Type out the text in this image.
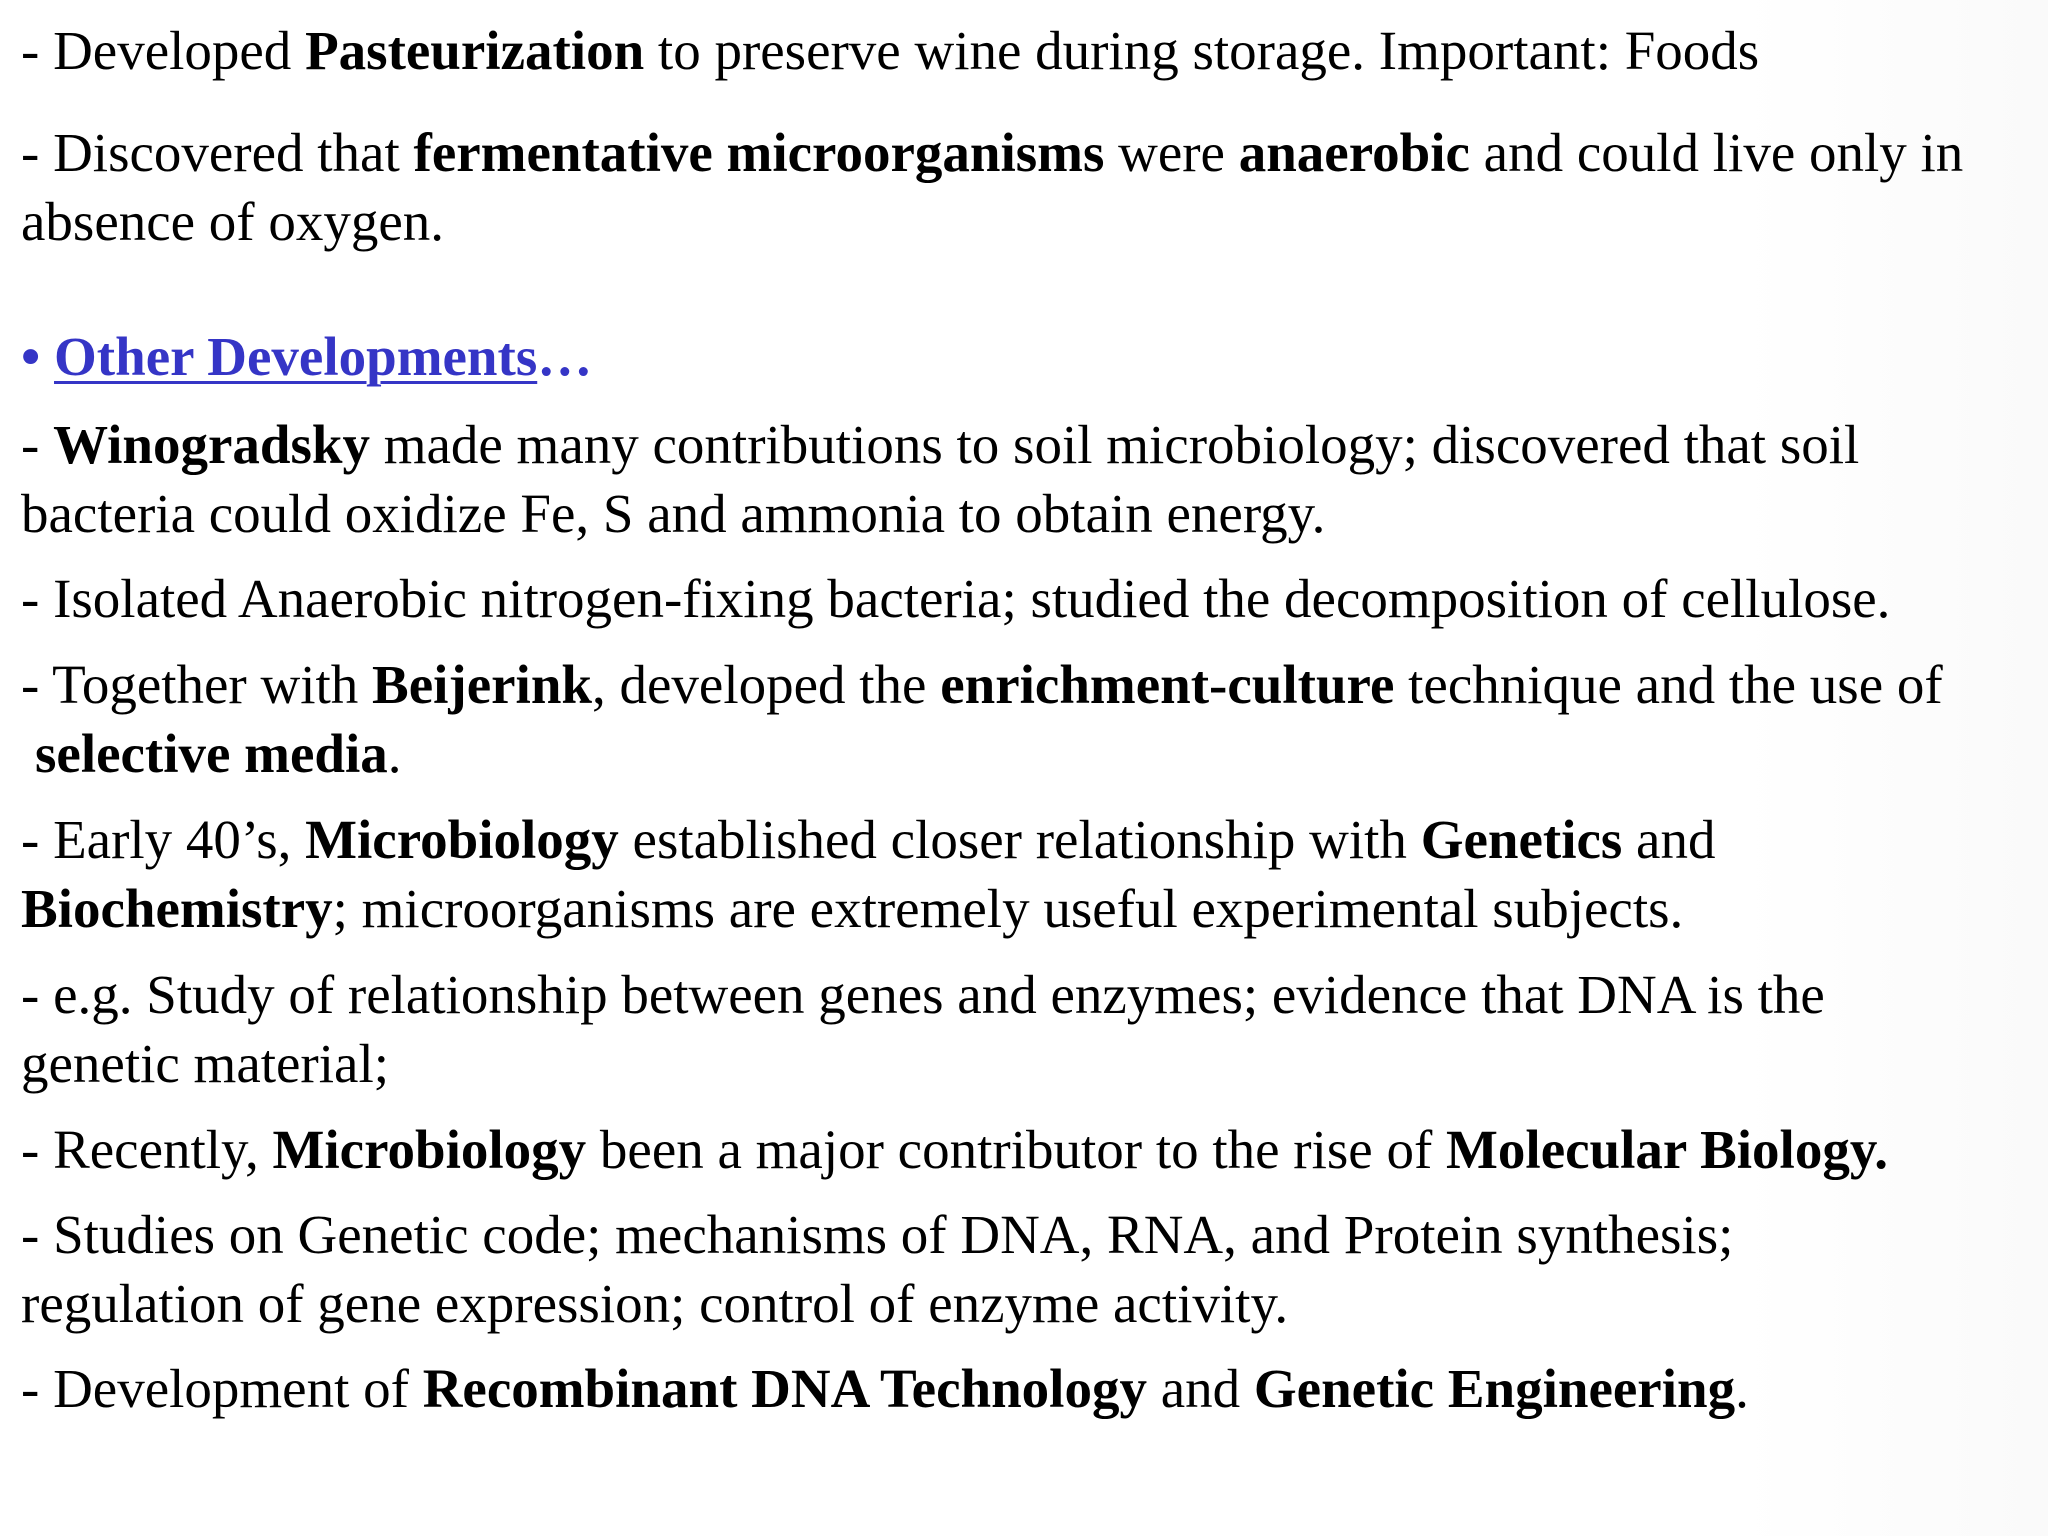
- Developed Pasteurization to preserve wine during storage. Important: Foods

- Discovered that fermentative microorganisms were anaerobic and could live only in absence of oxygen.

• Other Developments…

- Winogradsky made many contributions to soil microbiology; discovered that soil bacteria could oxidize Fe, S and ammonia to obtain energy.

- Isolated Anaerobic nitrogen-fixing bacteria; studied the decomposition of cellulose.

- Together with Beijerink, developed the enrichment-culture technique and the use of
selective media.

- Early 40’s, Microbiology established closer relationship with Genetics and Biochemistry; microorganisms are extremely useful experimental subjects.

- e.g. Study of relationship between genes and enzymes; evidence that DNA is the genetic material;

- Recently, Microbiology been a major contributor to the rise of Molecular Biology.

- Studies on Genetic code; mechanisms of DNA, RNA, and Protein synthesis; regulation of gene expression; control of enzyme activity.

- Development of Recombinant DNA Technology and Genetic Engineering.
